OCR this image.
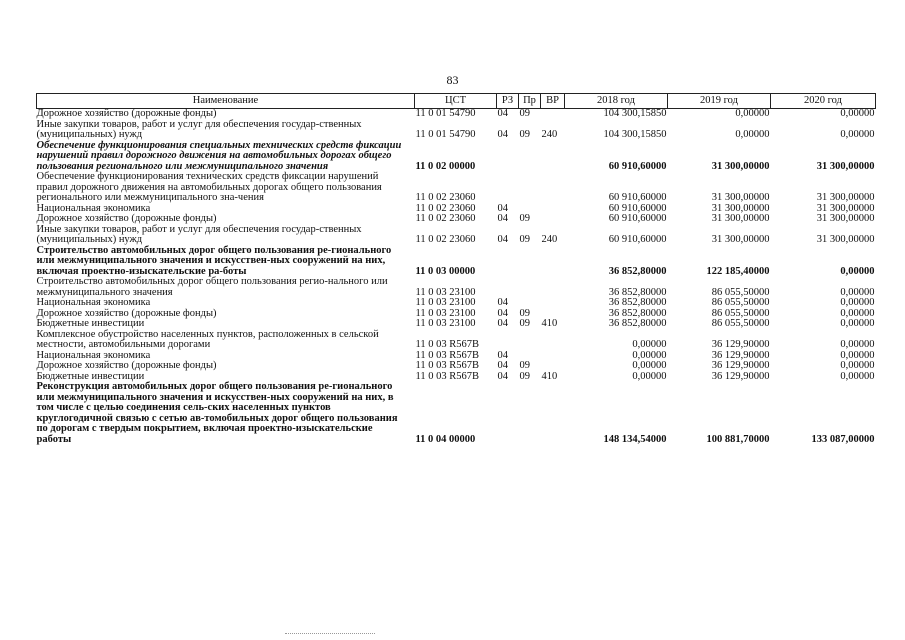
83
Наименование	ЦСТ	РЗ	Пр	ВР	2018 год	2019 год	2020 год
Дорожное хозяйство (дорожные фонды)	11 0 01 54790	04	09		104 300,15850	0,00000	0,00000
Иные закупки товаров, работ и услуг для обеспечения государ-ственных (муниципальных) нужд	11 0 01 54790	04	09	240	104 300,15850	0,00000	0,00000
Обеспечение функционирования специальных технических средств фиксации нарушений правил дорожного движения на автомобильных дорогах общего пользования регионального или межмуниципального значения	11 0 02 00000				60 910,60000	31 300,00000	31 300,00000
Обеспечение функционирования технических средств фиксации нарушений правил дорожного движения на автомобильных дорогах общего пользования регионального или межмуниципального зна-чения	11 0 02 23060				60 910,60000	31 300,00000	31 300,00000
Национальная экономика	11 0 02 23060	04			60 910,60000	31 300,00000	31 300,00000
Дорожное хозяйство (дорожные фонды)	11 0 02 23060	04	09		60 910,60000	31 300,00000	31 300,00000
Иные закупки товаров, работ и услуг для обеспечения государ-ственных (муниципальных) нужд	11 0 02 23060	04	09	240	60 910,60000	31 300,00000	31 300,00000
Строительство автомобильных дорог общего пользования ре-гионального или межмуниципального значения и искусствен-ных сооружений на них, включая проектно-изыскательские ра-боты	11 0 03 00000				36 852,80000	122 185,40000	0,00000
Строительство автомобильных дорог общего пользования регио-нального или межмуниципального значения	11 0 03 23100				36 852,80000	86 055,50000	0,00000
Национальная экономика	11 0 03 23100	04			36 852,80000	86 055,50000	0,00000
Дорожное хозяйство (дорожные фонды)	11 0 03 23100	04	09		36 852,80000	86 055,50000	0,00000
Бюджетные инвестиции	11 0 03 23100	04	09	410	36 852,80000	86 055,50000	0,00000
Комплексное обустройство населенных пунктов, расположенных в сельской местности, автомобильными дорогами	11 0 03 R567B				0,00000	36 129,90000	0,00000
Национальная экономика	11 0 03 R567B	04			0,00000	36 129,90000	0,00000
Дорожное хозяйство (дорожные фонды)	11 0 03 R567B	04	09		0,00000	36 129,90000	0,00000
Бюджетные инвестиции	11 0 03 R567B	04	09	410	0,00000	36 129,90000	0,00000
Реконструкция автомобильных дорог общего пользования ре-гионального или межмуниципального значения и искусствен-ных сооружений на них, в том числе с целью соединения сель-ских населенных пунктов круглогодичной связью с сетью ав-томобильных дорог общего пользования по дорогам с твердым покрытием, включая проектно-изыскательские работы	11 0 04 00000				148 134,54000	100 881,70000	133 087,00000
